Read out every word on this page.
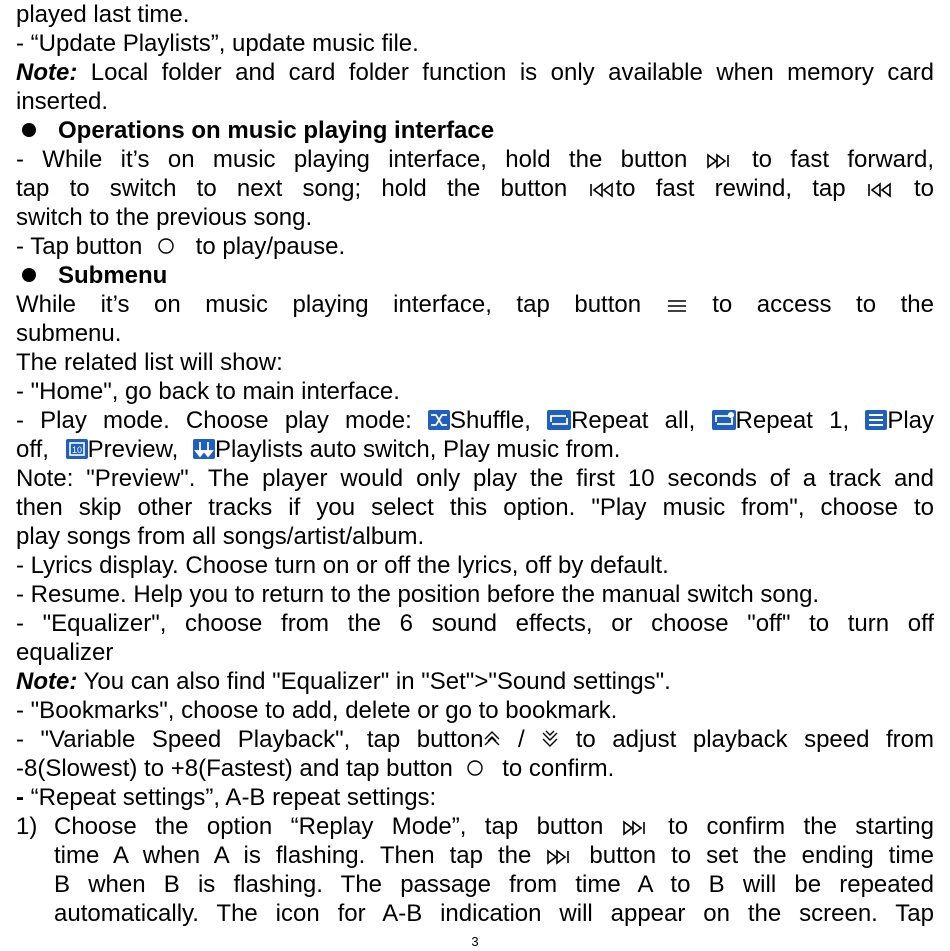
played last time.
- “Update Playlists”, update music file.
Note: Local folder and card folder function is only available when memory card
inserted.
Operations on music playing interface
- While it’s on music playing interface, hold the button	to fast forward,
tap to switch to next song; hold the button to fast rewind, tap	to
switch to the previous song.
- Tap button to play/pause.
Submenu
While it’s on music playing interface, tap button	to access to the
submenu.
The related list will show:
- "Home", go back to main interface.
- Play mode. Choose play mode: Shuffle, Repeat all, Repeat 1, Play
off,	10 Preview, Playlists auto switch, Play music from.
Note: "Preview". The player would only play the first 10 seconds of a track and
then skip other tracks if you select this option. "Play music from", choose to
play songs from all songs/artist/album.
- Lyrics display. Choose turn on or off the lyrics, off by default.
- Resume. Help you to return to the position before the manual switch song.
- "Equalizer", choose from the 6 sound effects, or choose "off" to turn off
equalizer
Note: You can also find "Equalizer" in "Set">"Sound settings".
- "Bookmarks", choose to add, delete or go to bookmark.
- "Variable Speed Playback", tap button / to adjust playback speed from
-8(Slowest) to +8(Fastest) and tap button to confirm.
- “Repeat settings”, A-B repeat settings:
1) Choose the option “Replay Mode”, tap button	to confirm the starting
time A when A is flashing. Then tap the button to set the ending time
B when B is flashing. The passage from time A to B will be repeated
automatically. The icon for A-B indication will appear on the screen. Tap
3
